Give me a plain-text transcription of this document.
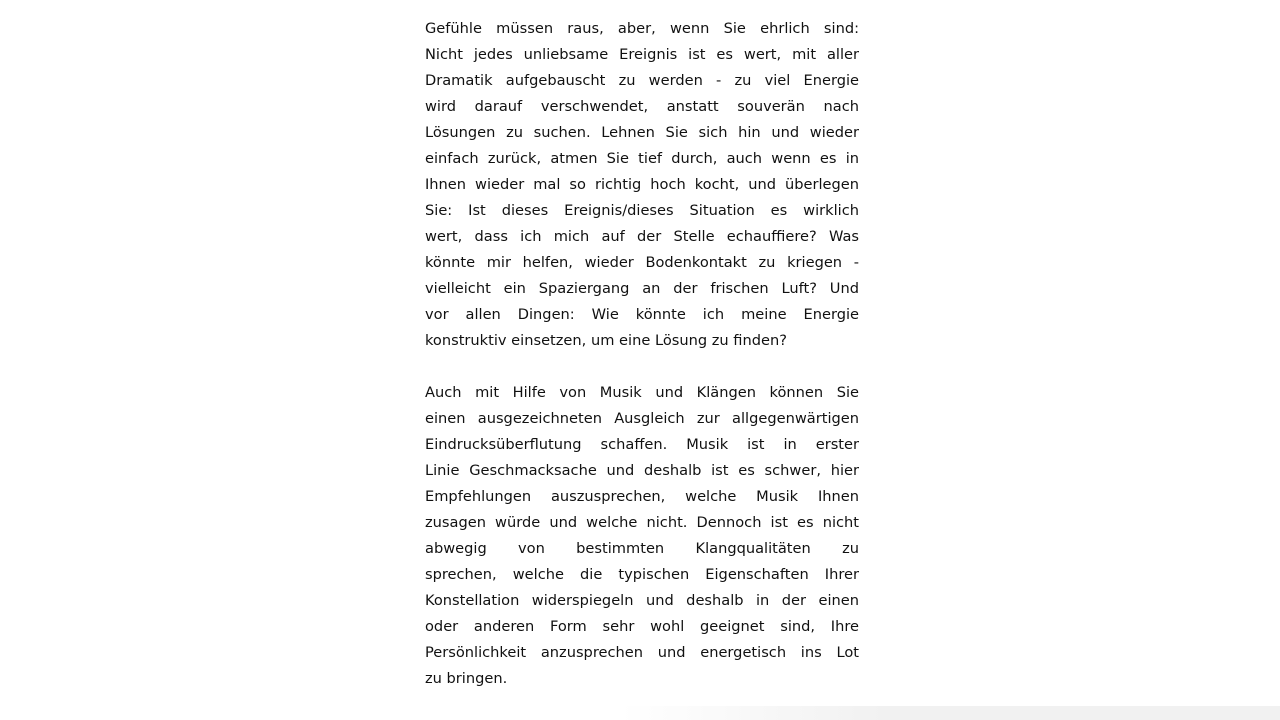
Gefühle müssen raus, aber, wenn Sie ehrlich sind:
Nicht jedes unliebsame Ereignis ist es wert, mit aller
Dramatik aufgebauscht zu werden - zu viel Energie
wird darauf verschwendet, anstatt souverän nach
Lösungen zu suchen. Lehnen Sie sich hin und wieder
einfach zurück, atmen Sie tief durch, auch wenn es in
Ihnen wieder mal so richtig hoch kocht, und überlegen
Sie: Ist dieses Ereignis/dieses Situation es wirklich
wert, dass ich mich auf der Stelle echauffiere? Was
könnte mir helfen, wieder Bodenkontakt zu kriegen -
vielleicht ein Spaziergang an der frischen Luft? Und
vor allen Dingen: Wie könnte ich meine Energie
konstruktiv einsetzen, um eine Lösung zu finden?

Auch mit Hilfe von Musik und Klängen können Sie
einen ausgezeichneten Ausgleich zur allgegenwärtigen
Eindrucksüberflutung schaffen. Musik ist in erster
Linie Geschmacksache und deshalb ist es schwer, hier
Empfehlungen auszusprechen, welche Musik Ihnen
zusagen würde und welche nicht. Dennoch ist es nicht
abwegig von bestimmten Klangqualitäten zu
sprechen, welche die typischen Eigenschaften Ihrer
Konstellation widerspiegeln und deshalb in der einen
oder anderen Form sehr wohl geeignet sind, Ihre
Persönlichkeit anzusprechen und energetisch ins Lot
zu bringen.
